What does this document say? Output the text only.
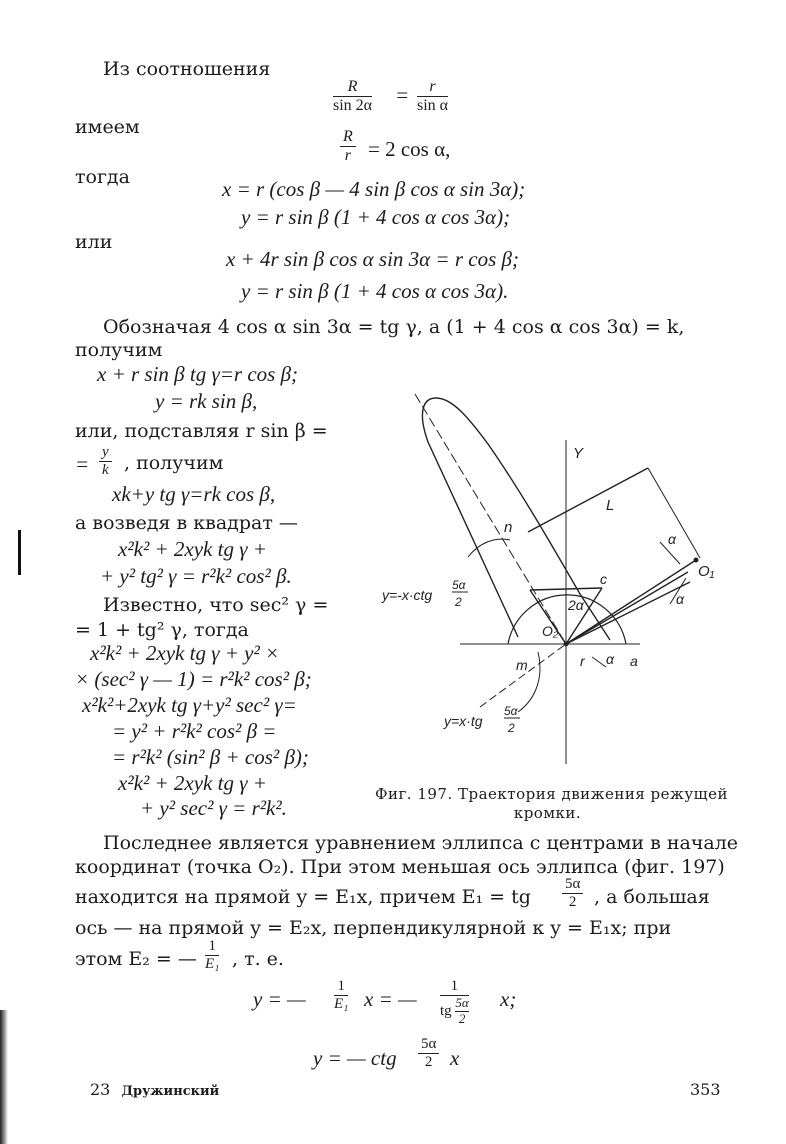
Из соотношения
$\frac{R}{\sin 2\alpha} = \frac{r}{\text{sin α}}$
имеем
$\frac{R}{r} = 2$ cos α,
тогда	x = r (cos β — 4 sin β cos α sin 3α);
y = r sin β (1 + 4 cos α cos 3α);
или
x + 4r sin β cos α sin 3α = r cos β;
y = r sin β (1 + 4 cos α cos 3α).
Обозначая 4 cos α sin 3α = tg γ, а (1 + 4 cos α cos 3α) = k,
получим
x + r sin β tg γ=r cos β;
y = rk sin β,
или, подставляя r sin β =
= $\frac{y}{k}$ , получим
xk+y tg γ=rk cos β,
а возведя в квадрат —
x²k² + 2xyk tg γ +
+ y² tg² γ = r²k² cos² β.
Известно, что sec² γ =
= 1 + tg² γ, тогда
x²k² + 2xyk tg γ + y² ×
× (sec² γ — 1) = r²k² cos² β;
x²k²+2xyk tg γ+y² sec² γ=
= y² + r²k² cos² β =
= r²k² (sin² β + cos² β);
x²k² + 2xyk tg γ +
+ y² sec² γ = r²k².
Y
L
n
α
O₁
c
2α	α
O₂
r α a
m
y=-x·ctg
5α
2
y=x·tg
5α
2
Фиг. 197. Траектория движения режущей
кромки.
Последнее является уравнением эллипса с центрами в начале
координат (точка O₂). При этом меньшая ось эллипса (фиг. 197)
находится на прямой y = E₁x, причем E₁ = tg $\frac{5\alpha}{2}$ , а большая
ось — на прямой y = E₂x, перпендикулярной к y = E₁x; при
этом E₂ = — $\frac{1}{\text{E₁}}$ , т. е.
y = — $\frac{1}{\text{E₁}}$ x = — $\frac{1}{tg \frac{5\alpha}{2}} x$;
y = — ctg $\frac{5\alpha}{2}$ x
23 Дружинский	353
